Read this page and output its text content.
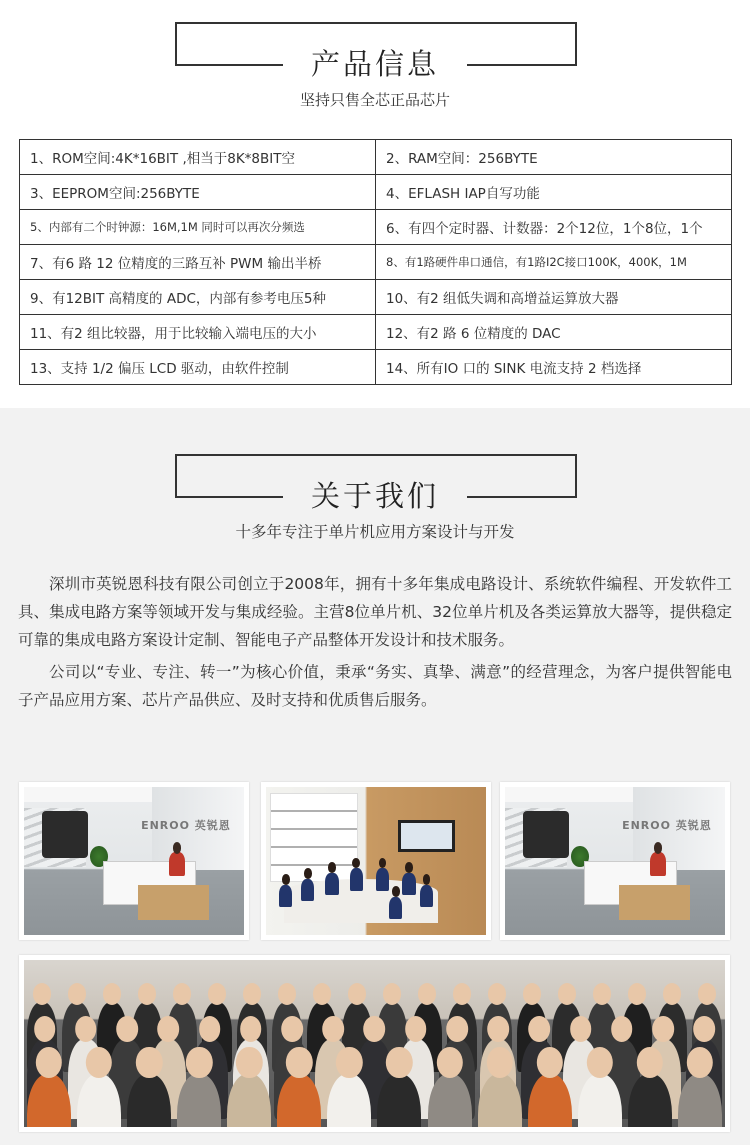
产品信息
坚持只售全芯正品芯片
1、ROM空间:4K*16BIT ,相当于8K*8BIT空	2、RAM空间：256BYTE
3、EEPROM空间:256BYTE	4、EFLASH IAP自写功能
5、内部有二个时钟源：16M,1M 同时可以再次分频选	6、有四个定时器、计数器：2个12位，1个8位，1个
7、有6 路 12 位精度的三路互补 PWM 输出半桥	8、有1路硬件串口通信，有1路I2C接口100K，400K，1M
9、有12BIT 高精度的 ADC，内部有参考电压5种	10、有2 组低失调和高增益运算放大器
11、有2 组比较器，用于比较输入端电压的大小	12、有2 路 6 位精度的 DAC
13、支持 1/2 偏压 LCD 驱动，由软件控制	14、所有IO 口的 SINK 电流支持 2 档选择
关于我们
十多年专注于单片机应用方案设计与开发

深圳市英锐恩科技有限公司创立于2008年，拥有十多年集成电路设计、系统软件编程、开发软件工具、集成电路方案等领域开发与集成经验。主营8位单片机、32位单片机及各类运算放大器等，提供稳定可靠的集成电路方案设计定制、智能电子产品整体开发设计和技术服务。

公司以“专业、专注、转一”为核心价值，秉承“务实、真挚、满意”的经营理念，为客户提供智能电子产品应用方案、芯片产品供应、及时支持和优质售后服务。

ENROO 英锐恩	ENROO 英锐恩
